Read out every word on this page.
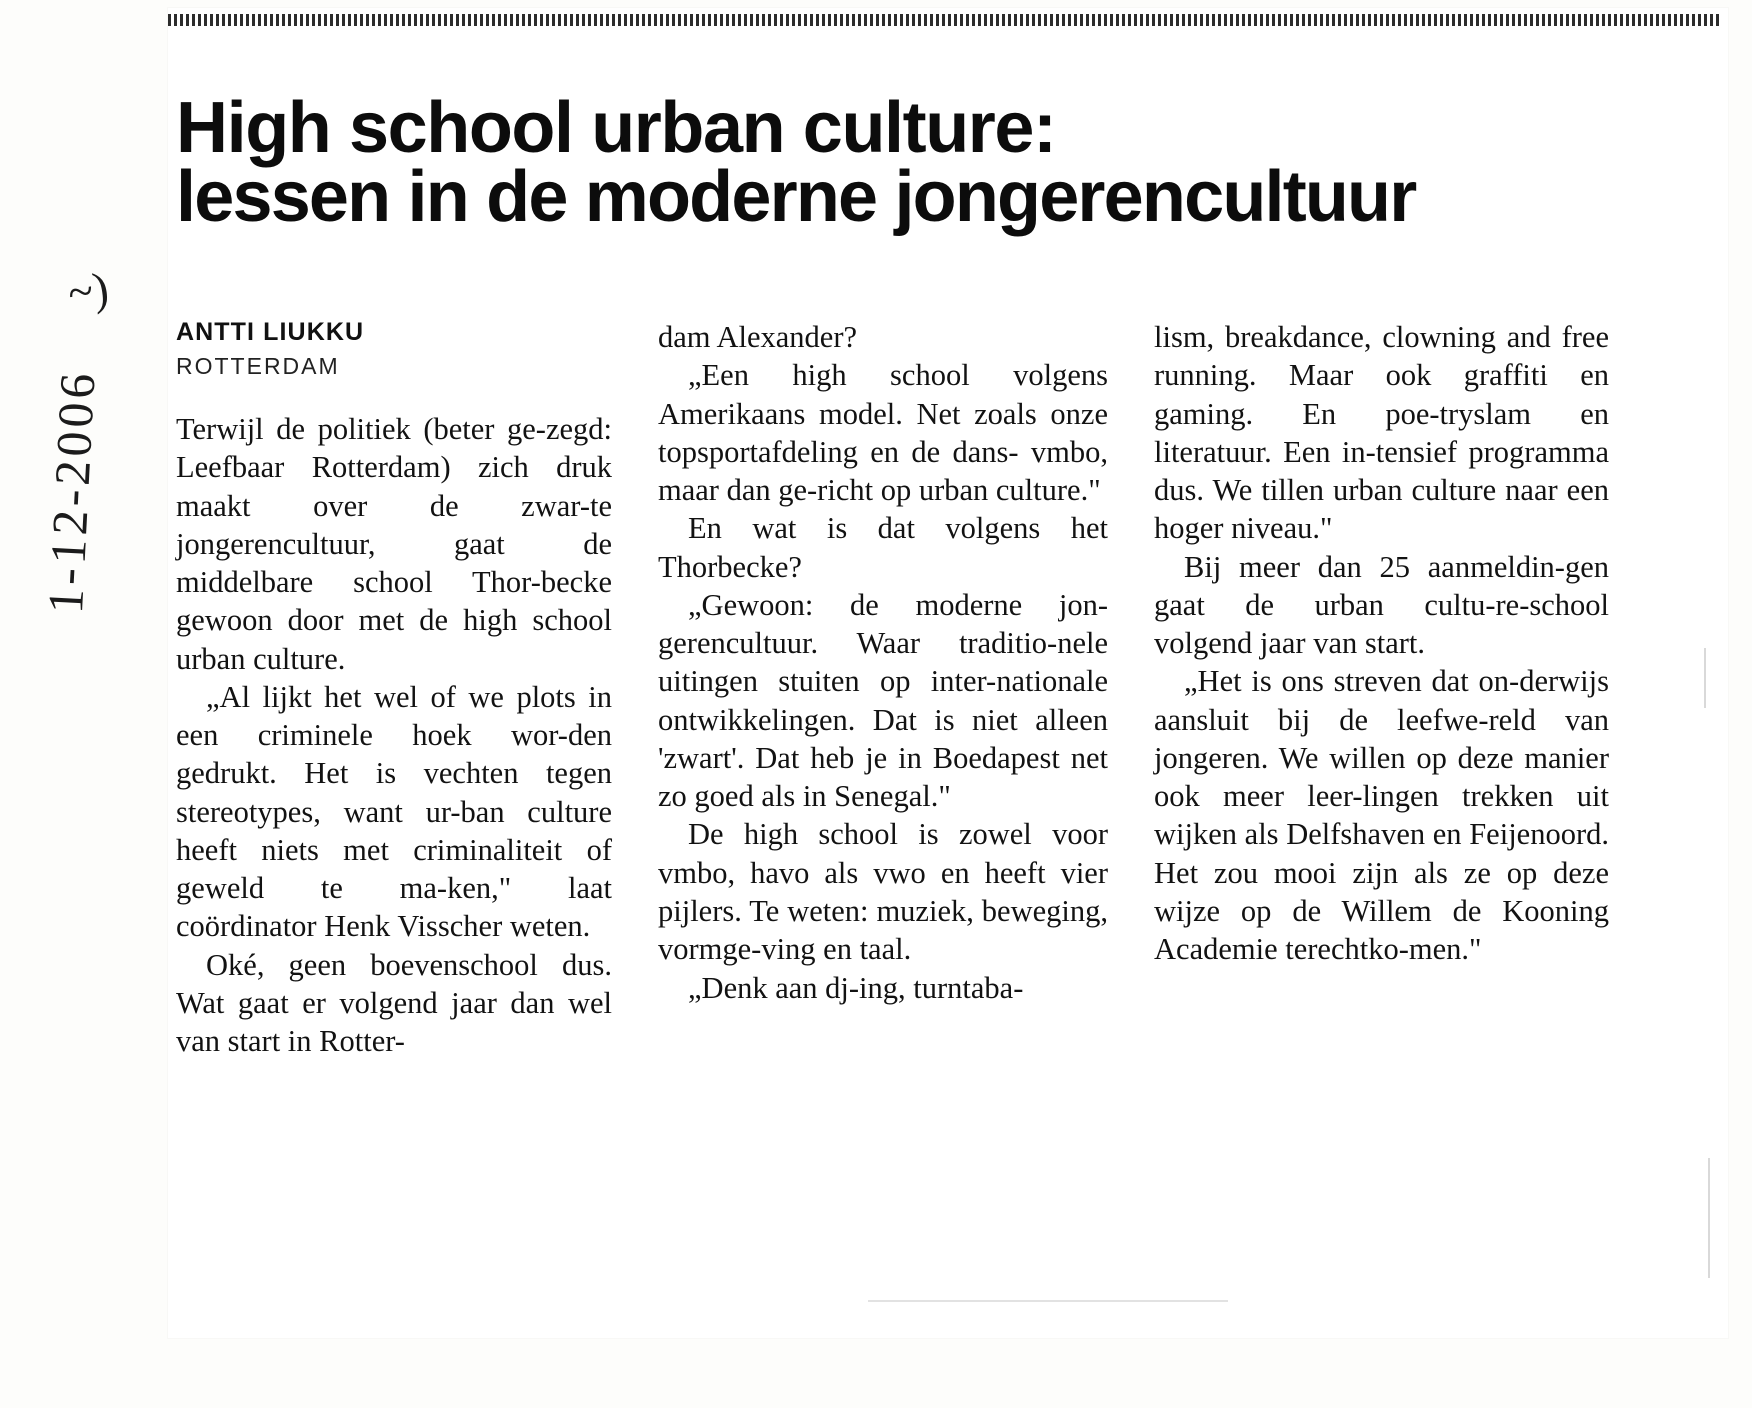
High school urban culture:
lessen in de moderne jongerencultuur
ANTTI LIUKKU
ROTTERDAM

Terwijl de politiek (beter ge-zegd: Leefbaar Rotterdam) zich druk maakt over de zwar-te jongerencultuur, gaat de middelbare school Thor-becke gewoon door met de high school urban culture.

„Al lijkt het wel of we plots in een criminele hoek wor-den gedrukt. Het is vechten tegen stereotypes, want ur-ban culture heeft niets met criminaliteit of geweld te ma-ken," laat coördinator Henk Visscher weten.

Oké, geen boevenschool dus. Wat gaat er volgend jaar dan wel van start in Rotter-

dam Alexander?

„Een high school volgens Amerikaans model. Net zoals onze topsportafdeling en de dans- vmbo, maar dan ge-richt op urban culture."

En wat is dat volgens het Thorbecke?

„Gewoon: de moderne jon-gerencultuur. Waar traditio-nele uitingen stuiten op inter-nationale ontwikkelingen. Dat is niet alleen 'zwart'. Dat heb je in Boedapest net zo goed als in Senegal."

De high school is zowel voor vmbo, havo als vwo en heeft vier pijlers. Te weten: muziek, beweging, vormge-ving en taal.

„Denk aan dj-ing, turntaba-

lism, breakdance, clowning and free running. Maar ook graffiti en gaming. En poe-tryslam en literatuur. Een in-tensief programma dus. We tillen urban culture naar een hoger niveau."

Bij meer dan 25 aanmeldin-gen gaat de urban cultu-re-school volgend jaar van start.

„Het is ons streven dat on-derwijs aansluit bij de leefwe-reld van jongeren. We willen op deze manier ook meer leer-lingen trekken uit wijken als Delfshaven en Feijenoord. Het zou mooi zijn als ze op deze wijze op de Willem de Kooning Academie terechtko-men."

~)
1-12-2006
